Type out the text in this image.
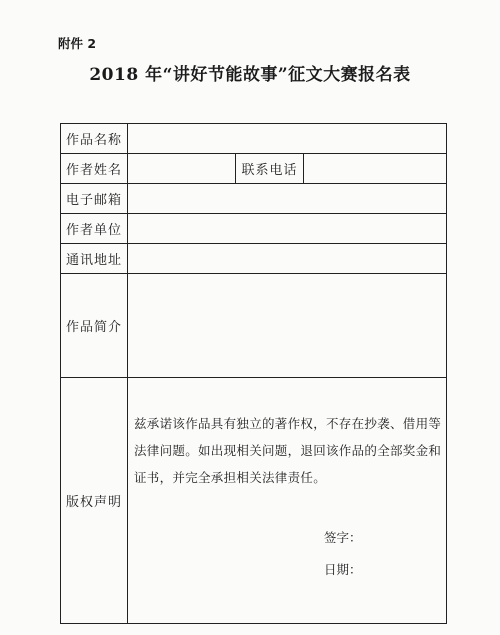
附件 2
2018 年“讲好节能故事”征文大赛报名表
作品名称			
作者姓名		联系电话	
电子邮箱			
作者单位			
通讯地址			
作品简介			
版权声明	兹承诺该作品具有独立的著作权，不存在抄袭、借用等法律问题。如出现相关问题，退回该作品的全部奖金和证书，并完全承担相关法律责任。
签字：
日期：		
